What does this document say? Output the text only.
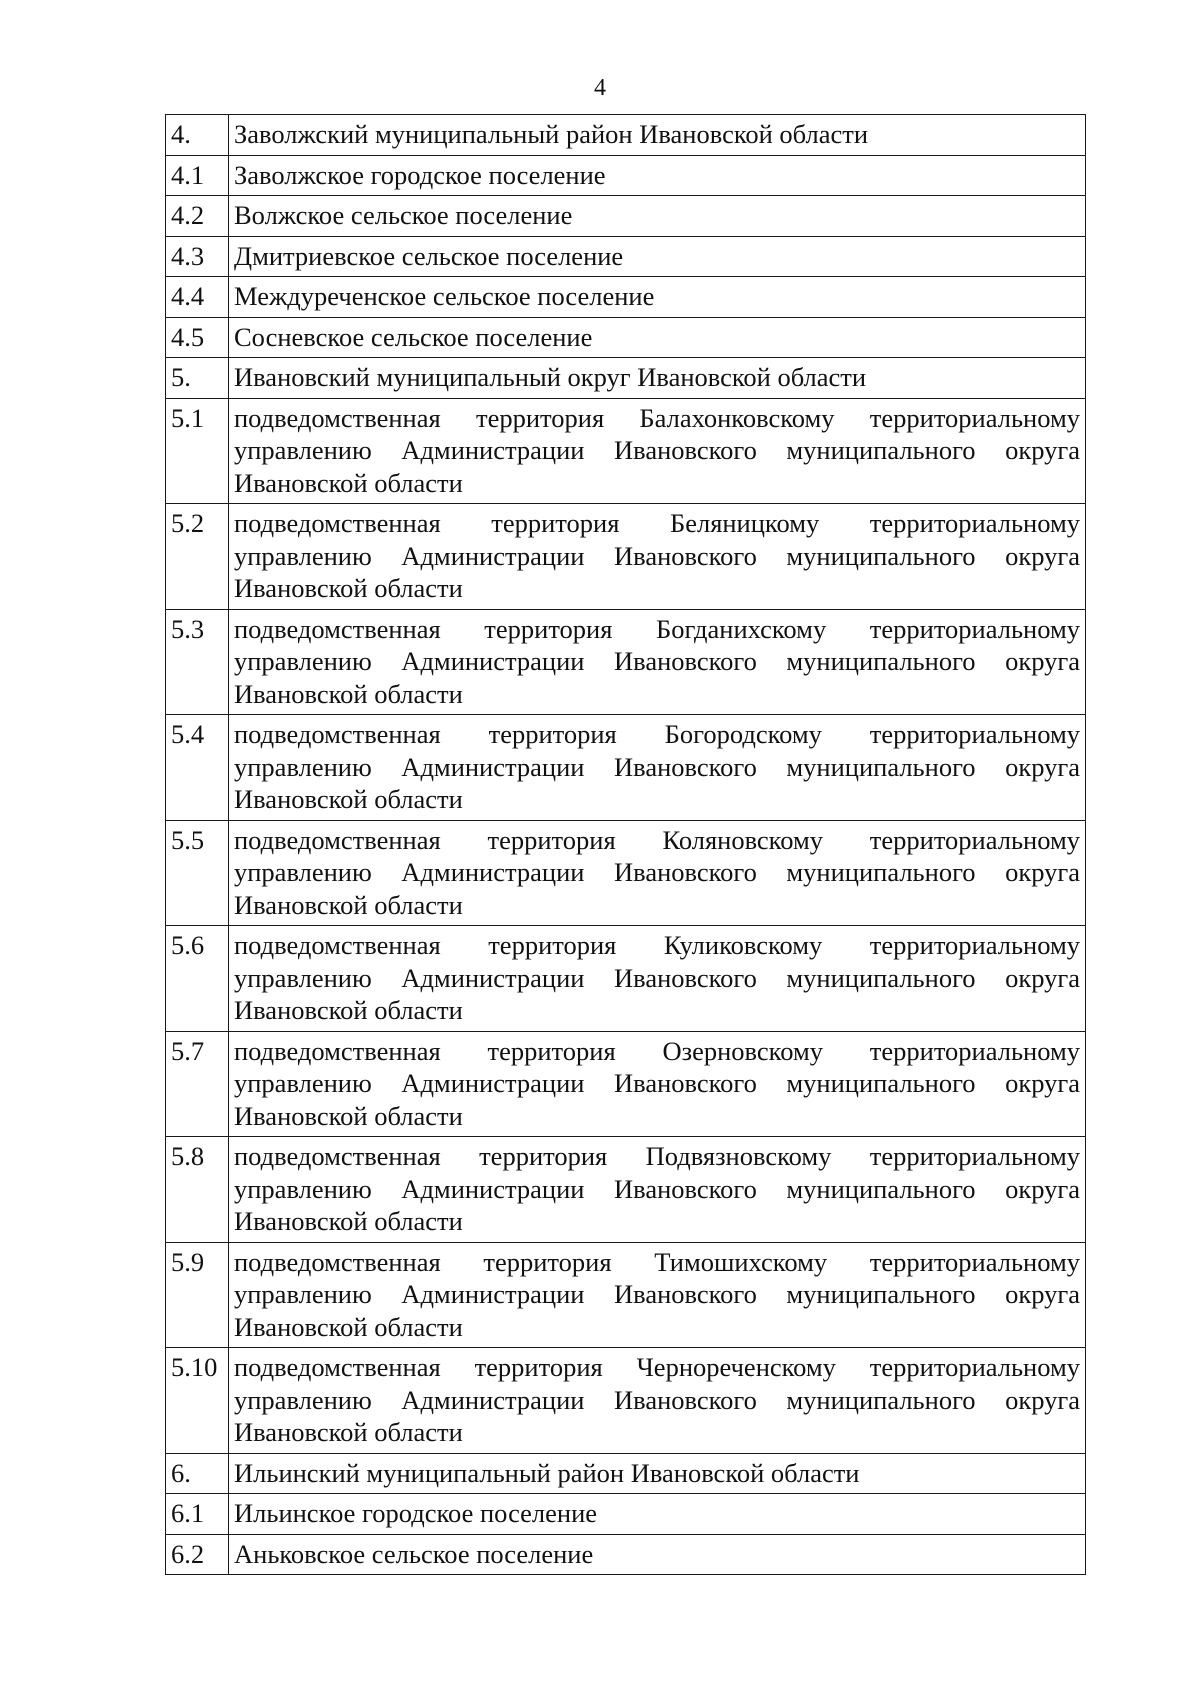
4
4.	Заволжский муниципальный район Ивановской области
4.1	Заволжское городское поселение
4.2	Волжское сельское поселение
4.3	Дмитриевское сельское поселение
4.4	Междуреченское сельское поселение
4.5	Сосневское сельское поселение
5.	Ивановский муниципальный округ Ивановской области
5.1	подведомственная территория Балахонковскому территориальному управлению Администрации Ивановского муниципального округа Ивановской области
5.2	подведомственная территория Беляницкому территориальному управлению Администрации Ивановского муниципального округа Ивановской области
5.3	подведомственная территория Богданихскому территориальному управлению Администрации Ивановского муниципального округа Ивановской области
5.4	подведомственная территория Богородскому территориальному управлению Администрации Ивановского муниципального округа Ивановской области
5.5	подведомственная территория Коляновскому территориальному управлению Администрации Ивановского муниципального округа Ивановской области
5.6	подведомственная территория Куликовскому территориальному управлению Администрации Ивановского муниципального округа Ивановской области
5.7	подведомственная территория Озерновскому территориальному управлению Администрации Ивановского муниципального округа Ивановской области
5.8	подведомственная территория Подвязновскому территориальному управлению Администрации Ивановского муниципального округа Ивановской области
5.9	подведомственная территория Тимошихскому территориальному управлению Администрации Ивановского муниципального округа Ивановской области
5.10	подведомственная территория Чернореченскому территориальному управлению Администрации Ивановского муниципального округа Ивановской области
6.	Ильинский муниципальный район Ивановской области
6.1	Ильинское городское поселение
6.2	Аньковское сельское поселение
